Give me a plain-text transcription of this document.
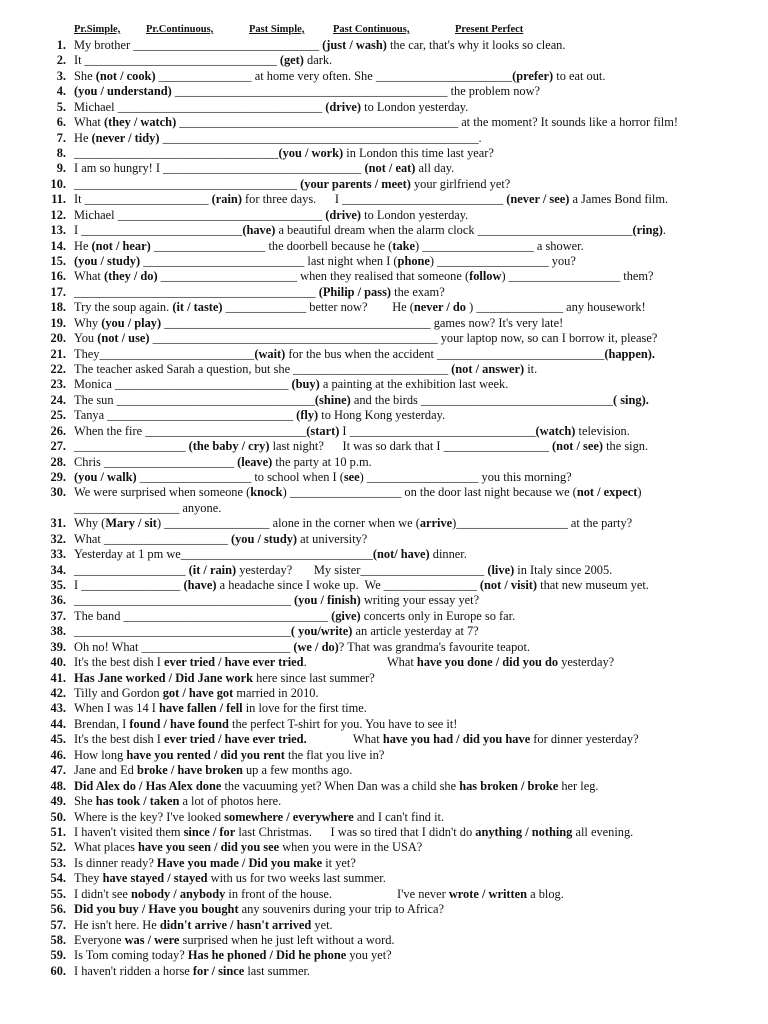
Pr.Simple, Pr.Continuous,	Past Simple,	Past Continuous,	Present Perfect
1. My brother ______________________________ (just / wash) the car, that's why it looks so clean.
2. It _______________________________ (get) dark.
3. She (not / cook) _______________ at home very often. She ______________________(prefer) to eat out.
4. (you / understand) ____________________________________________ the problem now?
5. Michael _________________________________ (drive) to London yesterday.
6. What (they / watch) _____________________________________________ at the moment? It sounds like a horror film!
7. He (never / tidy) ___________________________________________________.
8. _________________________________(you / work) in London this time last year?
9. I am so hungry! I ________________________________ (not / eat) all day.
10. ____________________________________ (your parents / meet) your girlfriend yet?
11. It ____________________ (rain) for three days.      I __________________________ (never / see) a James Bond film.
12. Michael _________________________________ (drive) to London yesterday.
13. I __________________________(have) a beautiful dream when the alarm clock _________________________(ring).
14. He (not / hear) __________________ the doorbell because he (take) __________________ a shower.
15. (you / study) __________________________ last night when I (phone) __________________ you?
16. What (they / do) ______________________ when they realised that someone (follow) __________________ them?
17. _______________________________________ (Philip / pass) the exam?
18. Try the soup again. (it / taste) _____________ better now?        He (never / do ) ______________ any housework!
19. Why (you / play) ___________________________________________ games now? It's very late!
20. You (not / use) ______________________________________________ your laptop now, so can I borrow it, please?
21. They_________________________(wait) for the bus when the accident ___________________________(happen).
22. The teacher asked Sarah a question, but she _________________________ (not / answer) it.
23. Monica ____________________________ (buy) a painting at the exhibition last week.
24. The sun ________________________________(shine) and the birds _______________________________( sing).
25. Tanya ______________________________ (fly) to Hong Kong yesterday.
26. When the fire __________________________(start) I ______________________________(watch) television.
27. __________________ (the baby / cry) last night?      It was so dark that I _________________ (not / see) the sign.
28. Chris _____________________ (leave) the party at 10 p.m.
29. (you / walk) __________________ to school when I (see) __________________ you this morning?
30. We were surprised when someone (knock) __________________ on the door last night because we (not / expect)
_________________ anyone.
31. Why (Mary / sit) _________________ alone in the corner when we (arrive)__________________ at the party?
32. What ____________________ (you / study) at university?
33. Yesterday at 1 pm we_______________________________(not/ have) dinner.
34. __________________ (it / rain) yesterday?       My sister____________________ (live) in Italy since 2005.
35. I ________________ (have) a headache since I woke up.  We _______________ (not / visit) that new museum yet.
36. ___________________________________ (you / finish) writing your essay yet?
37. The band _________________________________ (give) concerts only in Europe so far.
38. ___________________________________( you/write) an article yesterday at 7?
39. Oh no! What ________________________ (we / do)? That was grandma's favourite teapot.
40. It's the best dish I ever tried / have ever tried.                          What have you done / did you do yesterday?
41. Has Jane worked / Did Jane work here since last summer?
42. Tilly and Gordon got / have got married in 2010.
43. When I was 14 I have fallen / fell in love for the first time.
44. Brendan, I found / have found the perfect T-shirt for you. You have to see it!
45. It's the best dish I ever tried / have ever tried.               What have you had / did you have for dinner yesterday?
46. How long have you rented / did you rent the flat you live in?
47. Jane and Ed broke / have broken up a few months ago.
48. Did Alex do / Has Alex done the vacuuming yet? When Dan was a child she has broken / broke her leg.
49. She has took / taken a lot of photos here.
50. Where is the key? I've looked somewhere / everywhere and I can't find it.
51. I haven't visited them since / for last Christmas.      I was so tired that I didn't do anything / nothing all evening.
52. What places have you seen / did you see when you were in the USA?
53. Is dinner ready? Have you made / Did you make it yet?
54. They have stayed / stayed with us for two weeks last summer.
55. I didn't see nobody / anybody in front of the house.                     I've never wrote / written a blog.
56. Did you buy / Have you bought any souvenirs during your trip to Africa?
57. He isn't here. He didn't arrive / hasn't arrived yet.
58. Everyone was / were surprised when he just left without a word.
59. Is Tom coming today? Has he phoned / Did he phone you yet?
60. I haven't ridden a horse for / since last summer.
